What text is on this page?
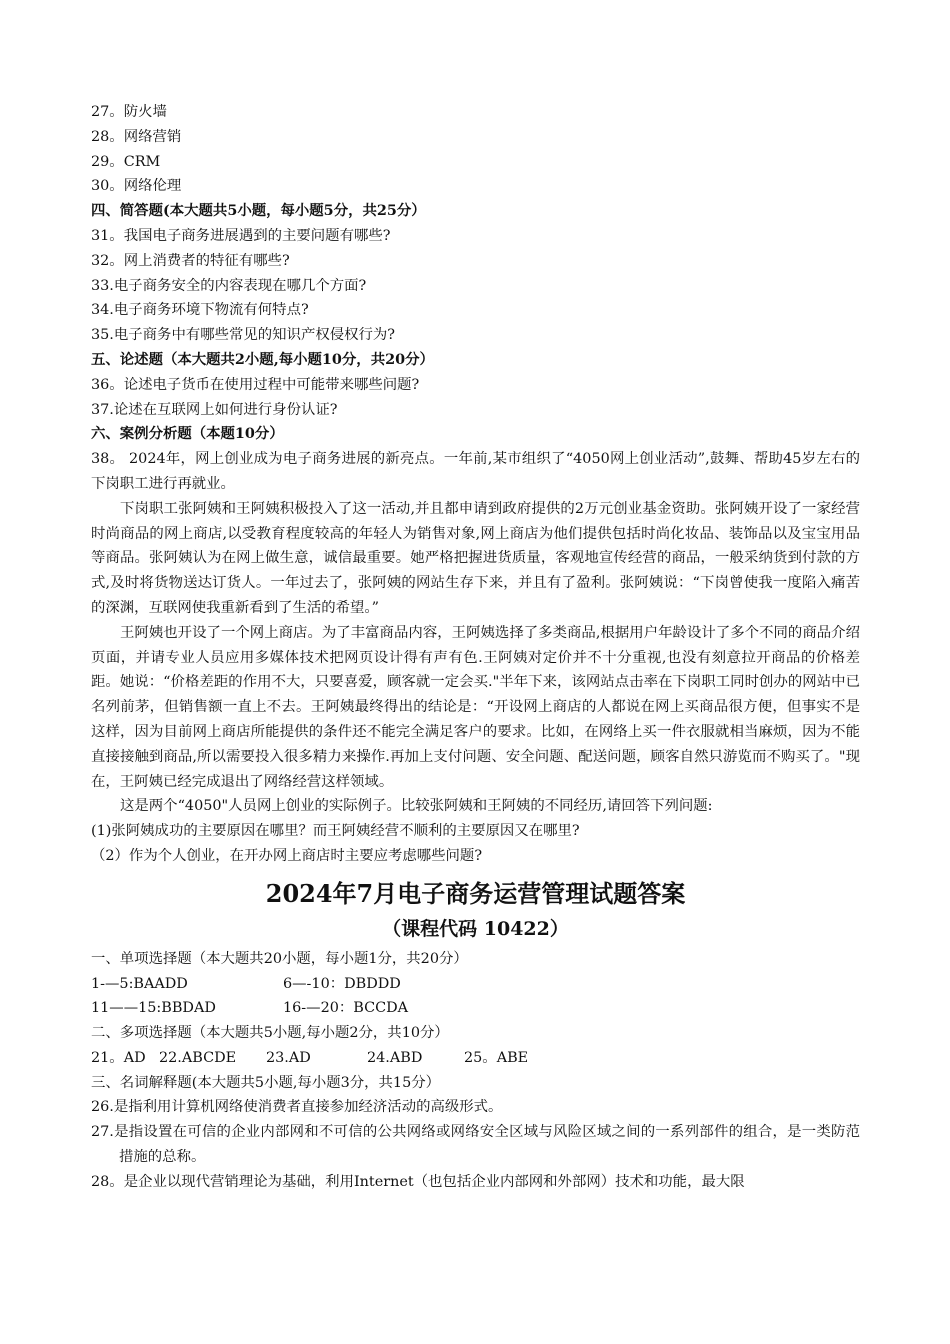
27。防火墙
28。网络营销
29。CRM
30。网络伦理
四、简答题(本大题共5小题，每小题5分，共25分）
31。我国电子商务进展遇到的主要问题有哪些?
32。网上消费者的特征有哪些?
33.电子商务安全的内容表现在哪几个方面?
34.电子商务环境下物流有何特点?
35.电子商务中有哪些常见的知识产权侵权行为?
五、论述题（本大题共2小题,每小题10分，共20分）
36。论述电子货币在使用过程中可能带来哪些问题?
37.论述在互联网上如何进行身份认证?
六、案例分析题（本题10分）

38。 2024年，网上创业成为电子商务进展的新亮点。一年前,某市组织了“4050网上创业活动”,鼓舞、帮助45岁左右的下岗职工进行再就业。

下岗职工张阿姨和王阿姨积极投入了这一活动,并且都申请到政府提供的2万元创业基金资助。张阿姨开设了一家经营时尚商品的网上商店,以受教育程度较高的年轻人为销售对象,网上商店为他们提供包括时尚化妆品、装饰品以及宝宝用品等商品。张阿姨认为在网上做生意，诚信最重要。她严格把握进货质量，客观地宣传经营的商品，一般采纳货到付款的方式,及时将货物送达订货人。一年过去了，张阿姨的网站生存下来，并且有了盈利。张阿姨说：“下岗曾使我一度陷入痛苦的深渊，互联网使我重新看到了生活的希望。”

王阿姨也开设了一个网上商店。为了丰富商品内容，王阿姨选择了多类商品,根据用户年龄设计了多个不同的商品介绍页面，并请专业人员应用多媒体技术把网页设计得有声有色.王阿姨对定价并不十分重视,也没有刻意拉开商品的价格差距。她说：“价格差距的作用不大，只要喜爱，顾客就一定会买."半年下来，该网站点击率在下岗职工同时创办的网站中已名列前茅，但销售额一直上不去。王阿姨最终得出的结论是：“开设网上商店的人都说在网上买商品很方便，但事实不是这样，因为目前网上商店所能提供的条件还不能完全满足客户的要求。比如，在网络上买一件衣服就相当麻烦，因为不能直接接触到商品,所以需要投入很多精力来操作.再加上支付问题、安全问题、配送问题，顾客自然只游览而不购买了。"现在，王阿姨已经完成退出了网络经营这样领域。

这是两个“4050"人员网上创业的实际例子。比较张阿姨和王阿姨的不同经历,请回答下列问题:

(1)张阿姨成功的主要原因在哪里？而王阿姨经营不顺利的主要原因又在哪里?
（2）作为个人创业，在开办网上商店时主要应考虑哪些问题?
2024年7月电子商务运营管理试题答案
（课程代码 10422）
一、单项选择题（本大题共20小题，每小题1分，共20分）
1-—5:BAADD	6—-10：DBDDD
11——15:BBDAD	16-—20：BCCDA
二、多项选择题（本大题共5小题,每小题2分，共10分）
21。AD 22.ABCDE	23.AD	24.ABD	25。ABE
三、名词解释题(本大题共5小题,每小题3分，共15分）
26.是指利用计算机网络使消费者直接参加经济活动的高级形式。

27.是指设置在可信的企业内部网和不可信的公共网络或网络安全区域与风险区域之间的一系列部件的组合，是一类防范措施的总称。

28。是企业以现代营销理论为基础，利用Internet（也包括企业内部网和外部网）技术和功能，最大限
